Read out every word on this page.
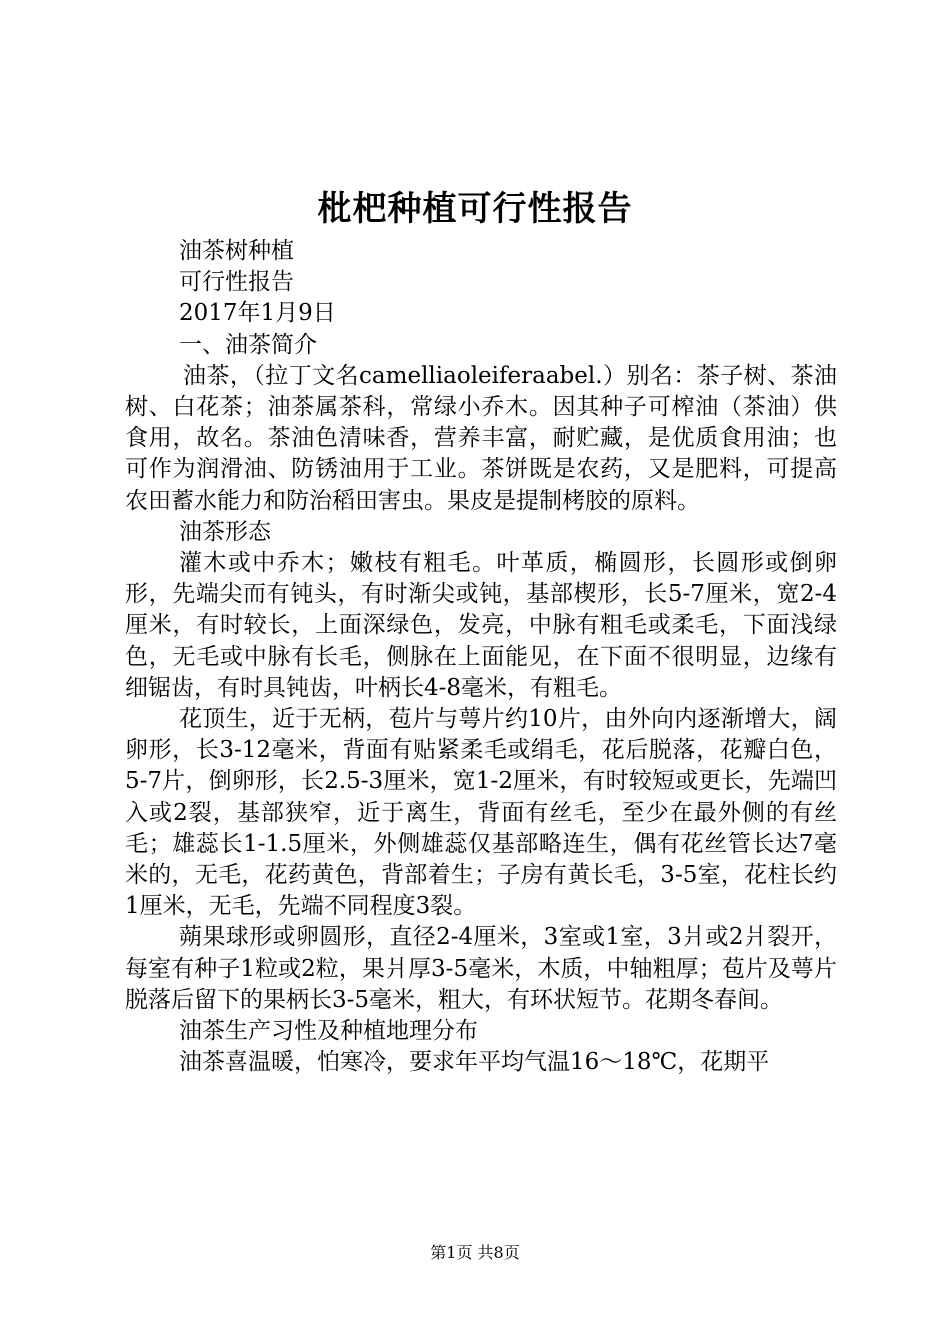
枇杷种植可行性报告

油茶树种植

可行性报告

2017年1月9日

一、油茶简介

油茶，（拉丁文名camelliaoleiferaabel.）别名：茶子树、茶油树、白花茶；油茶属茶科，常绿小乔木。因其种子可榨油（茶油）供食用，故名。茶油色清味香，营养丰富，耐贮藏，是优质食用油；也可作为润滑油、防锈油用于工业。茶饼既是农药，又是肥料，可提高农田蓄水能力和防治稻田害虫。果皮是提制栲胶的原料。

油茶形态

灌木或中乔木；嫩枝有粗毛。叶革质，椭圆形，长圆形或倒卵形，先端尖而有钝头，有时渐尖或钝，基部楔形，长5-7厘米，宽2-4厘米，有时较长，上面深绿色，发亮，中脉有粗毛或柔毛，下面浅绿色，无毛或中脉有长毛，侧脉在上面能见，在下面不很明显，边缘有细锯齿，有时具钝齿，叶柄长4-8毫米，有粗毛。

花顶生，近于无柄，苞片与萼片约10片，由外向内逐渐增大，阔卵形，长3-12毫米，背面有贴紧柔毛或绢毛，花后脱落，花瓣白色，5-7片，倒卵形，长2.5-3厘米，宽1-2厘米，有时较短或更长，先端凹入或2裂，基部狭窄，近于离生，背面有丝毛，至少在最外侧的有丝毛；雄蕊长1-1.5厘米，外侧雄蕊仅基部略连生，偶有花丝管长达7毫米的，无毛，花药黄色，背部着生；子房有黄长毛，3-5室，花柱长约1厘米，无毛，先端不同程度3裂。

蒴果球形或卵圆形，直径2-4厘米，3室或1室，3爿或2爿裂开，每室有种子1粒或2粒，果爿厚3-5毫米，木质，中轴粗厚；苞片及萼片脱落后留下的果柄长3-5毫米，粗大，有环状短节。花期冬春间。

油茶生产习性及种植地理分布

油茶喜温暖，怕寒冷，要求年平均气温16～18℃，花期平

第1页 共8页
